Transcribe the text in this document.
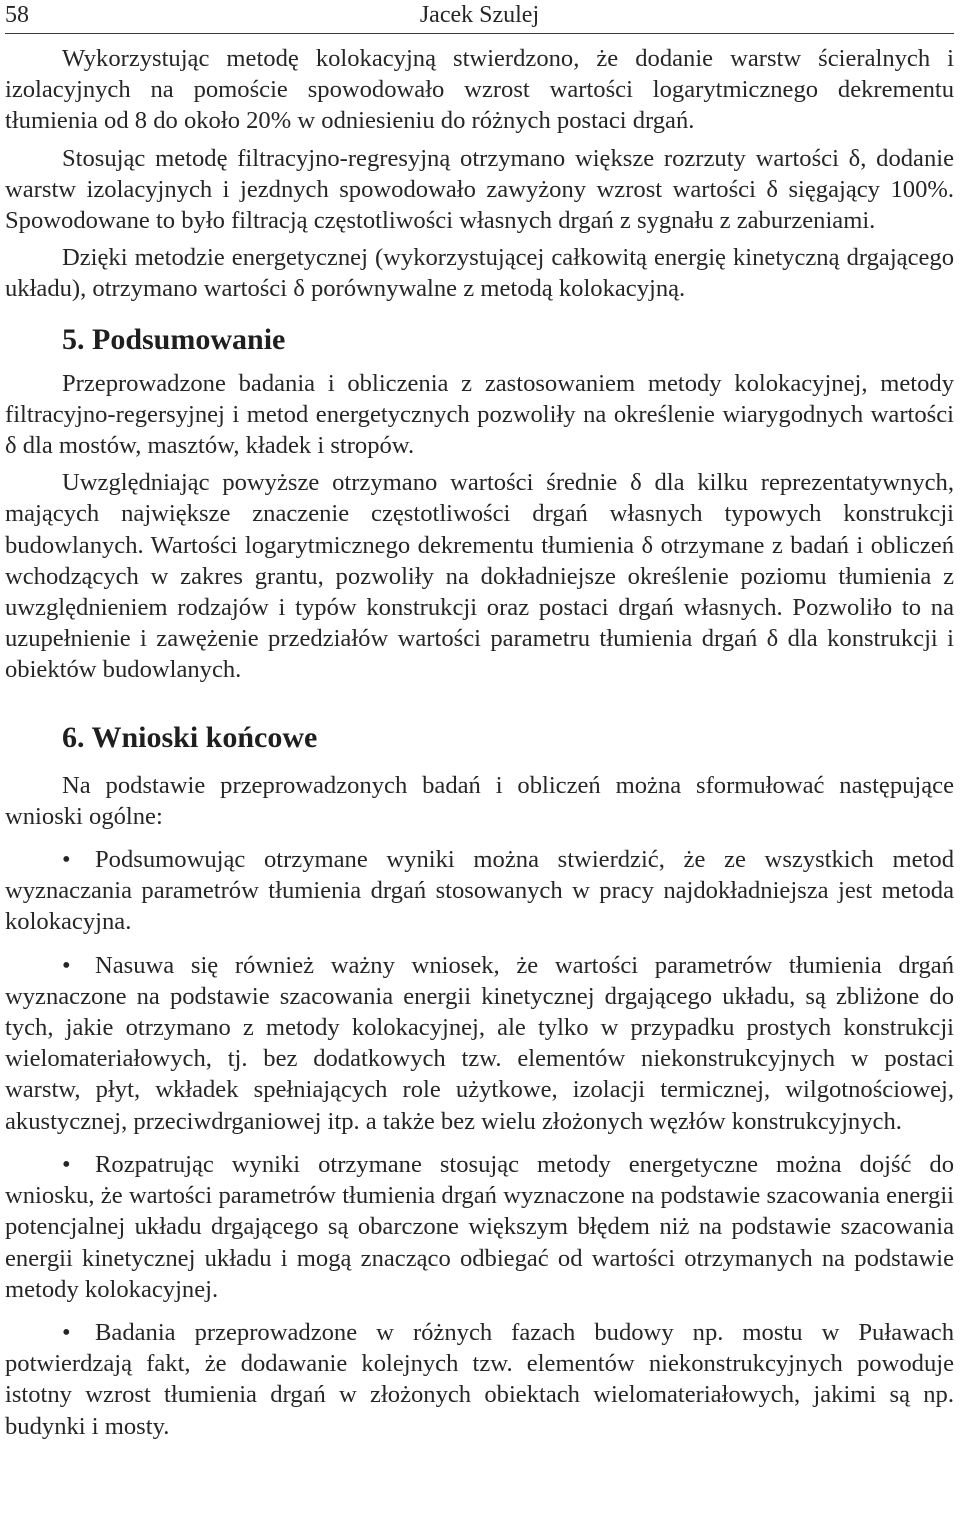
58	Jacek Szulej

Wykorzystując metodę kolokacyjną stwierdzono, że dodanie warstw ścieralnych i izolacyjnych na pomoście spowodowało wzrost wartości logarytmicznego dekrementu tłumienia od 8 do około 20% w odniesieniu do różnych postaci drgań.

Stosując metodę filtracyjno-regresyjną otrzymano większe rozrzuty wartości δ, dodanie warstw izolacyjnych i jezdnych spowodowało zawyżony wzrost wartości δ sięgający 100%. Spowodowane to było filtracją częstotliwości własnych drgań z sygnału z zaburzeniami.

Dzięki metodzie energetycznej (wykorzystującej całkowitą energię kinetyczną drgającego układu), otrzymano wartości δ porównywalne z metodą kolokacyjną.

5. Podsumowanie

Przeprowadzone badania i obliczenia z zastosowaniem metody kolokacyjnej, metody filtracyjno-regersyjnej i metod energetycznych pozwoliły na określenie wiarygodnych wartości δ dla mostów, masztów, kładek i stropów.

Uwzględniając powyższe otrzymano wartości średnie δ dla kilku reprezentatywnych, mających największe znaczenie częstotliwości drgań własnych typowych konstrukcji budowlanych. Wartości logarytmicznego dekrementu tłumienia δ otrzymane z badań i obliczeń wchodzących w zakres grantu, pozwoliły na dokładniejsze określenie poziomu tłumienia z uwzględnieniem rodzajów i typów konstrukcji oraz postaci drgań własnych. Pozwoliło to na uzupełnienie i zawężenie przedziałów wartości parametru tłumienia drgań δ dla konstrukcji i obiektów budowlanych.

6. Wnioski końcowe

Na podstawie przeprowadzonych badań i obliczeń można sformułować następujące wnioski ogólne:

• Podsumowując otrzymane wyniki można stwierdzić, że ze wszystkich metod wyznaczania parametrów tłumienia drgań stosowanych w pracy najdokładniejsza jest metoda kolokacyjna.

• Nasuwa się również ważny wniosek, że wartości parametrów tłumienia drgań wyznaczone na podstawie szacowania energii kinetycznej drgającego układu, są zbliżone do tych, jakie otrzymano z metody kolokacyjnej, ale tylko w przypadku prostych konstrukcji wielomateriałowych, tj. bez dodatkowych tzw. elementów niekonstrukcyjnych w postaci warstw, płyt, wkładek spełniających role użytkowe, izolacji termicznej, wilgotnościowej, akustycznej, przeciwdrganiowej itp. a także bez wielu złożonych węzłów konstrukcyjnych.

• Rozpatrując wyniki otrzymane stosując metody energetyczne można dojść do wniosku, że wartości parametrów tłumienia drgań wyznaczone na podstawie szacowania energii potencjalnej układu drgającego są obarczone większym błędem niż na podstawie szacowania energii kinetycznej układu i mogą znacząco odbiegać od wartości otrzymanych na podstawie metody kolokacyjnej.

• Badania przeprowadzone w różnych fazach budowy np. mostu w Puławach potwierdzają fakt, że dodawanie kolejnych tzw. elementów niekonstrukcyjnych powoduje istotny wzrost tłumienia drgań w złożonych obiektach wielomateriałowych, jakimi są np. budynki i mosty.
